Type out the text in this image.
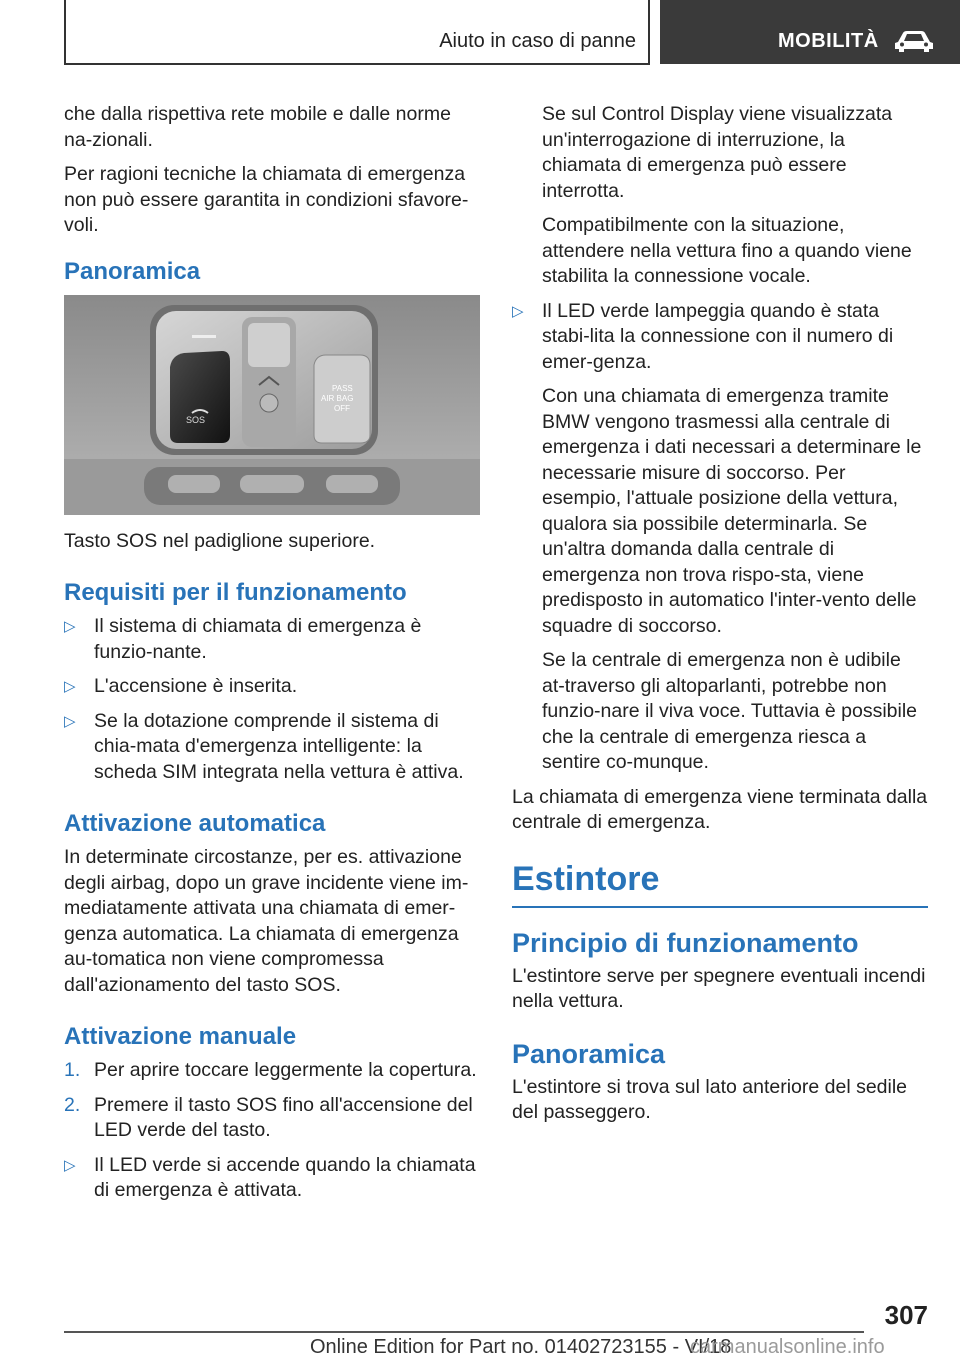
Aiuto in caso di panne	MOBILITÀ

che dalla rispettiva rete mobile e dalle norme na‐zionali.

Per ragioni tecniche la chiamata di emergenza non può essere garantita in condizioni sfavore‐voli.

Panoramica
SOS
PASS
AIR BAG
OFF

Tasto SOS nel padiglione superiore.

Requisiti per il funzionamento
▷ Il sistema di chiamata di emergenza è funzio‐nante.
▷ L'accensione è inserita.
▷ Se la dotazione comprende il sistema di chia‐mata d'emergenza intelligente: la scheda SIM integrata nella vettura è attiva.
Attivazione automatica

In determinate circostanze, per es. attivazione degli airbag, dopo un grave incidente viene im‐mediatamente attivata una chiamata di emer‐genza automatica. La chiamata di emergenza au‐tomatica non viene compromessa dall'azionamento del tasto SOS.

Attivazione manuale
1. Per aprire toccare leggermente la copertura.
2. Premere il tasto SOS fino all'accensione del LED verde del tasto.
▷ Il LED verde si accende quando la chiamata di emergenza è attivata.

Se sul Control Display viene visualizzata un'interrogazione di interruzione, la chiamata di emergenza può essere interrotta.

Compatibilmente con la situazione, attendere nella vettura fino a quando viene stabilita la connessione vocale.

▷ Il LED verde lampeggia quando è stata stabi‐lita la connessione con il numero di emer‐genza.

Con una chiamata di emergenza tramite BMW vengono trasmessi alla centrale di emergenza i dati necessari a determinare le necessarie misure di soccorso. Per esempio, l'attuale posizione della vettura, qualora sia possibile determinarla. Se un'altra domanda dalla centrale di emergenza non trova rispo‐sta, viene predisposto in automatico l'inter‐vento delle squadre di soccorso.

Se la centrale di emergenza non è udibile at‐traverso gli altoparlanti, potrebbe non funzio‐nare il viva voce. Tuttavia è possibile che la centrale di emergenza riesca a sentire co‐munque.

La chiamata di emergenza viene terminata dalla centrale di emergenza.

Estintore
Principio di funzionamento

L'estintore serve per spegnere eventuali incendi nella vettura.

Panoramica

L'estintore si trova sul lato anteriore del sedile del passeggero.

307
Online Edition for Part no. 01402723155 - VI/18
carmanualsonline.info
